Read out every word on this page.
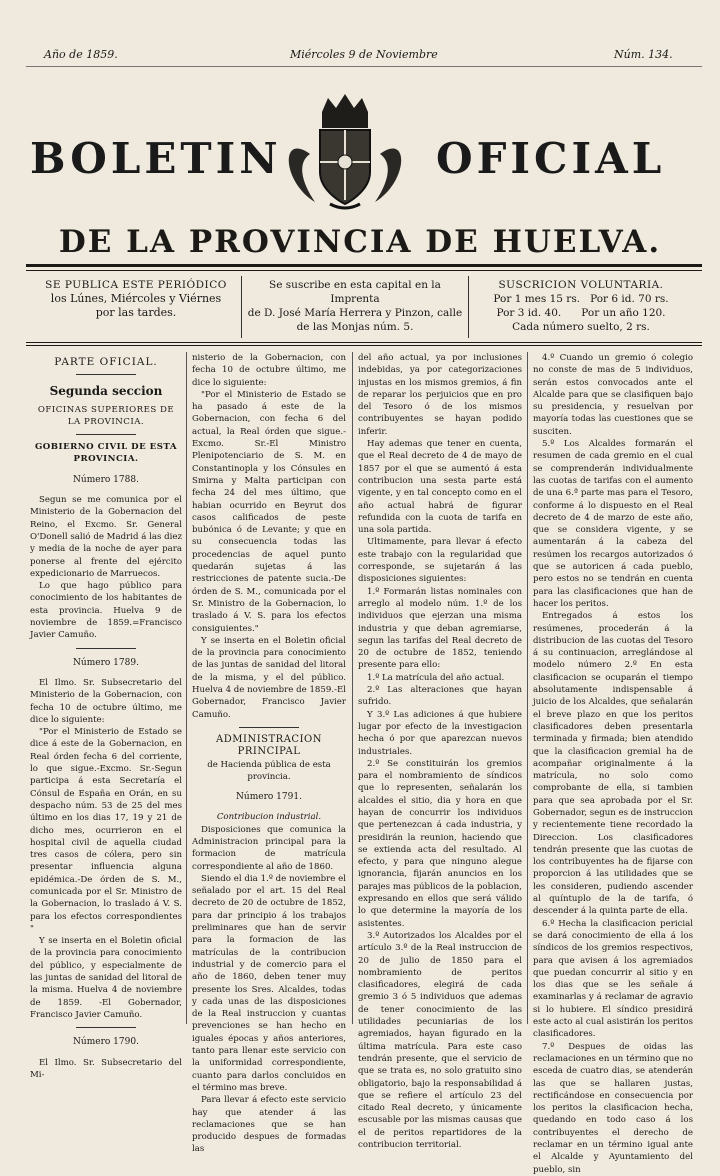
Año de 1859.	Miércoles 9 de Noviembre	Núm. 134.
BOLETIN	OFICIAL
DE LA PROVINCIA DE HUELVA.
SE PUBLICA ESTE PERIÓDICO
los Lúnes, Miércoles y Viérnes
por las tardes.
Se suscribe en esta capital en la Imprenta
de D. José María Herrera y Pinzon, calle
de las Monjas núm. 5.
SUSCRICION VOLUNTARIA.
Por 1 mes 15 rs.   Por 6 id. 70 rs.
Por 3 id. 40.      Por un año 120.
Cada número suelto, 2 rs.

PARTE OFICIAL.

Segunda seccion

OFICINAS SUPERIORES DE LA PROVINCIA.

GOBIERNO CIVIL DE ESTA PROVINCIA.

Número 1788.

Segun se me comunica por el Ministerio de la Gobernacion del Reino, el Excmo. Sr. General O'Donell salió de Madrid á las diez y media de la noche de ayer para ponerse al frente del ejército expedicionario de Marruecos.

Lo que hago público para conocimiento de los habitantes de esta provincia. Huelva 9 de noviembre de 1859.=Francisco Javier Camuño.

Número 1789.

El Ilmo. Sr. Subsecretario del Ministerio de la Gobernacion, con fecha 10 de octubre último, me dice lo siguiente:

"Por el Ministerio de Estado se dice á este de la Gobernacion, en Real órden fecha 6 del corriente, lo que sigue.-Excmo. Sr.-Segun participa á esta Secretaría el Cónsul de España en Orán, en su despacho núm. 53 de 25 del mes último en los dias 17, 19 y 21 de dicho mes, ocurrieron en el hospital civil de aquella ciudad tres casos de cólera, pero sin presentar influencia alguna epidémica.-De órden de S. M., comunicada por el Sr. Ministro de la Gobernacion, lo traslado á V. S. para los efectos correspondientes "

Y se inserta en el Boletin oficial de la provincia para conocimiento del público, y especialmente de las juntas de sanidad del litoral de la misma. Huelva 4 de noviembre de 1859. -El Gobernador, Francisco Javier Camuño.

Número 1790.

El Ilmo. Sr. Subsecretario del Mi-

nisterio de la Gobernacion, con fecha 10 de octubre último, me dice lo siguiente:

"Por el Ministerio de Estado se ha pasado á este de la Gobernacion, con fecha 6 del actual, la Real órden que sigue.-Excmo. Sr.-El Ministro Plenipotenciario de S. M. en Constantinopla y los Cónsules en Smirna y Malta participan con fecha 24 del mes último, que habian ocurrido en Beyrut dos casos calificados de peste bubónica ó de Levante; y que en su consecuencia todas las procedencias de aquel punto quedarán sujetas á las restricciones de patente sucia.-De órden de S. M., comunicada por el Sr. Ministro de la Gobernacion, lo traslado á V. S. para los efectos consiguientes."

Y se inserta en el Boletin oficial de la provincia para conocimiento de las juntas de sanidad del litoral de la misma, y el del público. Huelva 4 de noviembre de 1859.-El Gobernador, Francisco Javier Camuño.

ADMINISTRACION PRINCIPAL

de Hacienda pública de esta provincia.

Número 1791.

Contribucion industrial.

Disposiciones que comunica la Administracion principal para la formacion de matrícula correspondiente al año de 1860.

Siendo el dia 1.º de noviembre el señalado por el art. 15 del Real decreto de 20 de octubre de 1852, para dar principio á los trabajos preliminares que han de servir para la formacion de las matrículas de la contribucion industrial y de comercio para el año de 1860, deben tener muy presente los Sres. Alcaldes, todas y cada unas de las disposiciones de la Real instruccion y cuantas prevenciones se han hecho en iguales épocas y años anteriores, tanto para llenar este servicio con la uniformidad correspondiente, cuanto para darlos concluidos en el término mas breve.

Para llevar á efecto este servicio hay que atender á las reclamaciones que se han producido despues de formadas las

del año actual, ya por inclusiones indebidas, ya por categorizaciones injustas en los mismos gremios, á fin de reparar los perjuicios que en pro del Tesoro ó de los mismos contribuyentes se hayan podido inferir.

Hay ademas que tener en cuenta, que el Real decreto de 4 de mayo de 1857 por el que se aumentó á esta contribucion una sesta parte está vigente, y en tal concepto como en el año actual habrá de figurar refundida con la cuota de tarifa en una sola partida.

Ultimamente, para llevar á efecto este trabajo con la regularidad que corresponde, se sujetarán á las disposiciones siguientes:

1.º Formarán listas nominales con arreglo al modelo núm. 1.º de los individuos que ejerzan una misma industria y que deban agremiarse, segun las tarifas del Real decreto de 20 de octubre de 1852, teniendo presente para ello:

1.º La matrícula del año actual.

2.º Las alteraciones que hayan sufrido.

Y 3.º Las adiciones á que hubiere lugar por efecto de la investigacion hecha ó por que aparezcan nuevos industriales.

2.º Se constituirán los gremios para el nombramiento de síndicos que lo representen, señalarán los alcaldes el sitio, dia y hora en que hayan de concurrir los individuos que pertenezcan á cada industria, y presidirán la reunion, haciendo que se extienda acta del resultado. Al efecto, y para que ninguno alegue ignorancia, fijarán anuncios en los parajes mas públicos de la poblacion, expresando en ellos que será válido lo que determine la mayoría de los asistentes.

3.º Autorizados los Alcaldes por el artículo 3.º de la Real instruccion de 20 de julio de 1850 para el nombramiento de peritos clasificadores, elegirá de cada gremio 3 ó 5 individuos que ademas de tener conocimiento de las utilidades pecuniarias de los agremiados, hayan figurado en la última matrícula. Para este caso tendrán presente, que el servicio de que se trata es, no solo gratuito sino obligatorio, bajo la responsabilidad á que se refiere el artículo 23 del citado Real decreto, y únicamente escusable por las mismas causas que el de peritos repartidores de la contribucion territorial.

4.º Cuando un gremio ó colegio no conste de mas de 5 individuos, serán estos convocados ante el Alcalde para que se clasifiquen bajo su presidencia, y resuelvan por mayoría todas las cuestiones que se susciten.

5.º Los Alcaldes formarán el resumen de cada gremio en el cual se comprenderán individualmente las cuotas de tarifas con el aumento de una 6.ª parte mas para el Tesoro, conforme á lo dispuesto en el Real decreto de 4 de marzo de este año, que se considera vigente, y se aumentarán á la cabeza del resúmen los recargos autorizados ó que se autoricen á cada pueblo, pero estos no se tendrán en cuenta para las clasificaciones que han de hacer los peritos.

Entregados á estos los resúmenes, procederán á la distribucion de las cuotas del Tesoro á su continuacion, arreglándose al modelo número 2.º En esta clasificacion se ocuparán el tiempo absolutamente indispensable á juicio de los Alcaldes, que señalarán el breve plazo en que los peritos clasificadores deben presentarla terminada y firmada; bien atendido que la clasificacion gremial ha de acompañar originalmente á la matrícula, no solo como comprobante de ella, si tambien para que sea aprobada por el Sr. Gobernador, segun es de instruccion y recientemente tiene recordado la Direccion. Los clasificadores tendrán presente que las cuotas de los contribuyentes ha de fijarse con proporcion á las utilidades que se les consideren, pudiendo ascender al quíntuplo de la de tarifa, ó descender á la quinta parte de ella.

6.º Hecha la clasificacion pericial se dará conocimiento de ella á los síndicos de los gremios respectivos, para que avisen á los agremiados que puedan concurrir al sitio y en los dias que se les señale á examinarlas y á reclamar de agravio si lo hubiere. El síndico presidirá este acto al cual asistirán los peritos clasificadores.

7.º Despues de oidas las reclamaciones en un término que no esceda de cuatro dias, se atenderán las que se hallaren justas, rectificándose en consecuencia por los peritos la clasificacion hecha, quedando en todo caso á los contribuyentes el derecho de reclamar en un término igual ante el Alcalde y Ayuntamiento del pueblo, sin
